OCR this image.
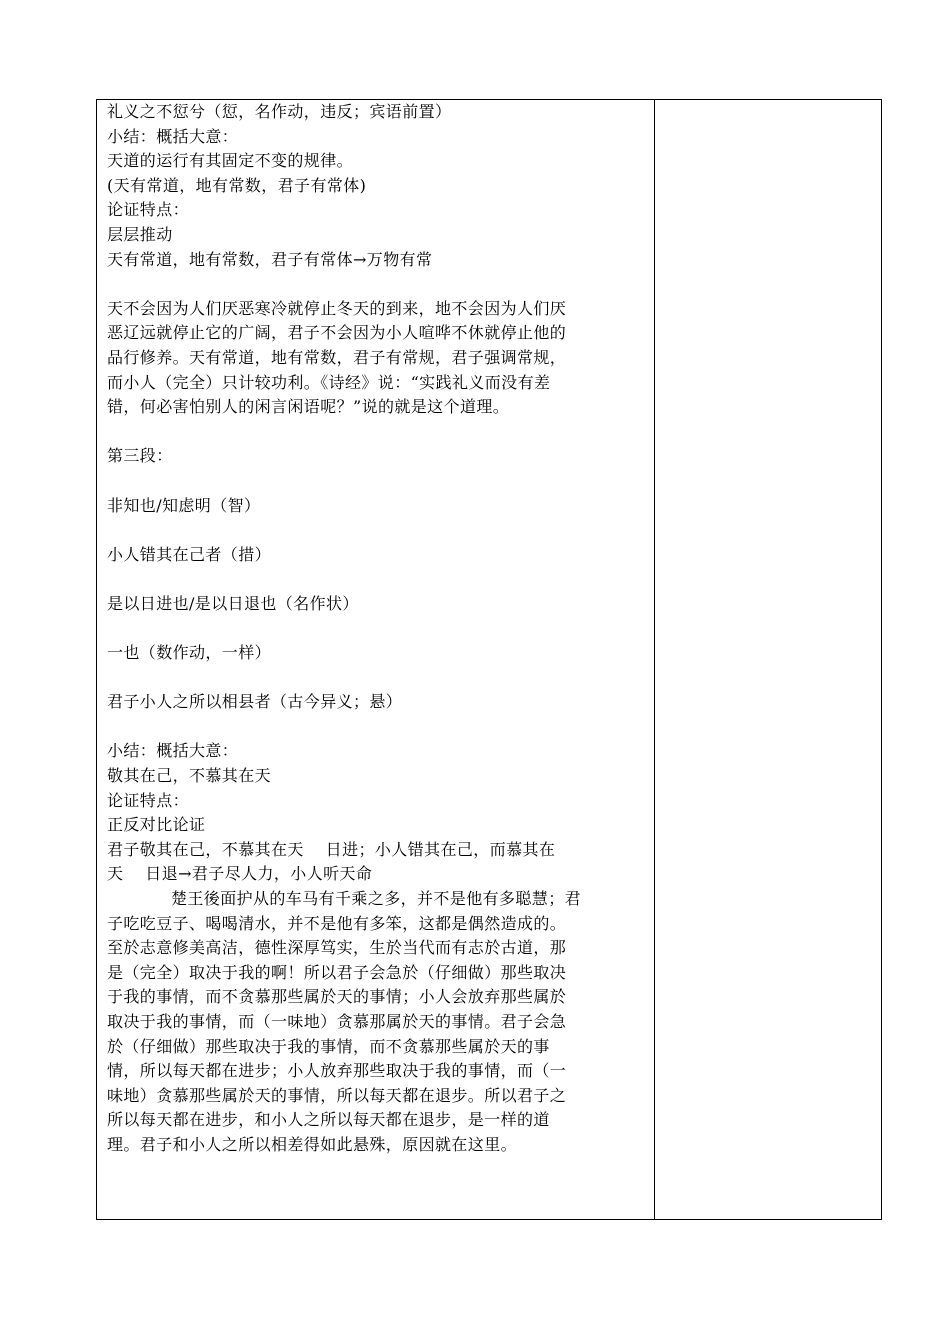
礼义之不愆兮（愆，名作动，违反；宾语前置）
小结：概括大意：
天道的运行有其固定不变的规律。
(天有常道，地有常数，君子有常体)
论证特点：
层层推动
天有常道，地有常数，君子有常体→万物有常
天不会因为人们厌恶寒冷就停止冬天的到来，地不会因为人们厌
恶辽远就停止它的广阔，君子不会因为小人喧哗不休就停止他的
品行修养。天有常道，地有常数，君子有常规，君子强调常规，
而小人（完全）只计较功利。《诗经》说：“实践礼义而没有差
错，何必害怕别人的闲言闲语呢？”说的就是这个道理。
第三段：
非知也/知虑明（智）
小人错其在己者（措）
是以日进也/是以日退也（名作状）
一也（数作动，一样）
君子小人之所以相县者（古今异义；悬）
小结：概括大意：
敬其在己，不慕其在天
论证特点：
正反对比论证
君子敬其在己，不慕其在天　 日进；小人错其在己，而慕其在
天　 日退→君子尽人力，小人听天命
楚王後面护从的车马有千乘之多，并不是他有多聪慧；君
子吃吃豆子、喝喝清水，并不是他有多笨，这都是偶然造成的。
至於志意修美高洁，德性深厚笃实，生於当代而有志於古道，那
是（完全）取决于我的啊！所以君子会急於（仔细做）那些取决
于我的事情，而不贪慕那些属於天的事情；小人会放弃那些属於
取决于我的事情，而（一味地）贪慕那属於天的事情。君子会急
於（仔细做）那些取决于我的事情，而不贪慕那些属於天的事
情，所以每天都在进步；小人放弃那些取决于我的事情，而（一
味地）贪慕那些属於天的事情，所以每天都在退步。所以君子之
所以每天都在进步，和小人之所以每天都在退步，是一样的道
理。君子和小人之所以相差得如此悬殊，原因就在这里。
